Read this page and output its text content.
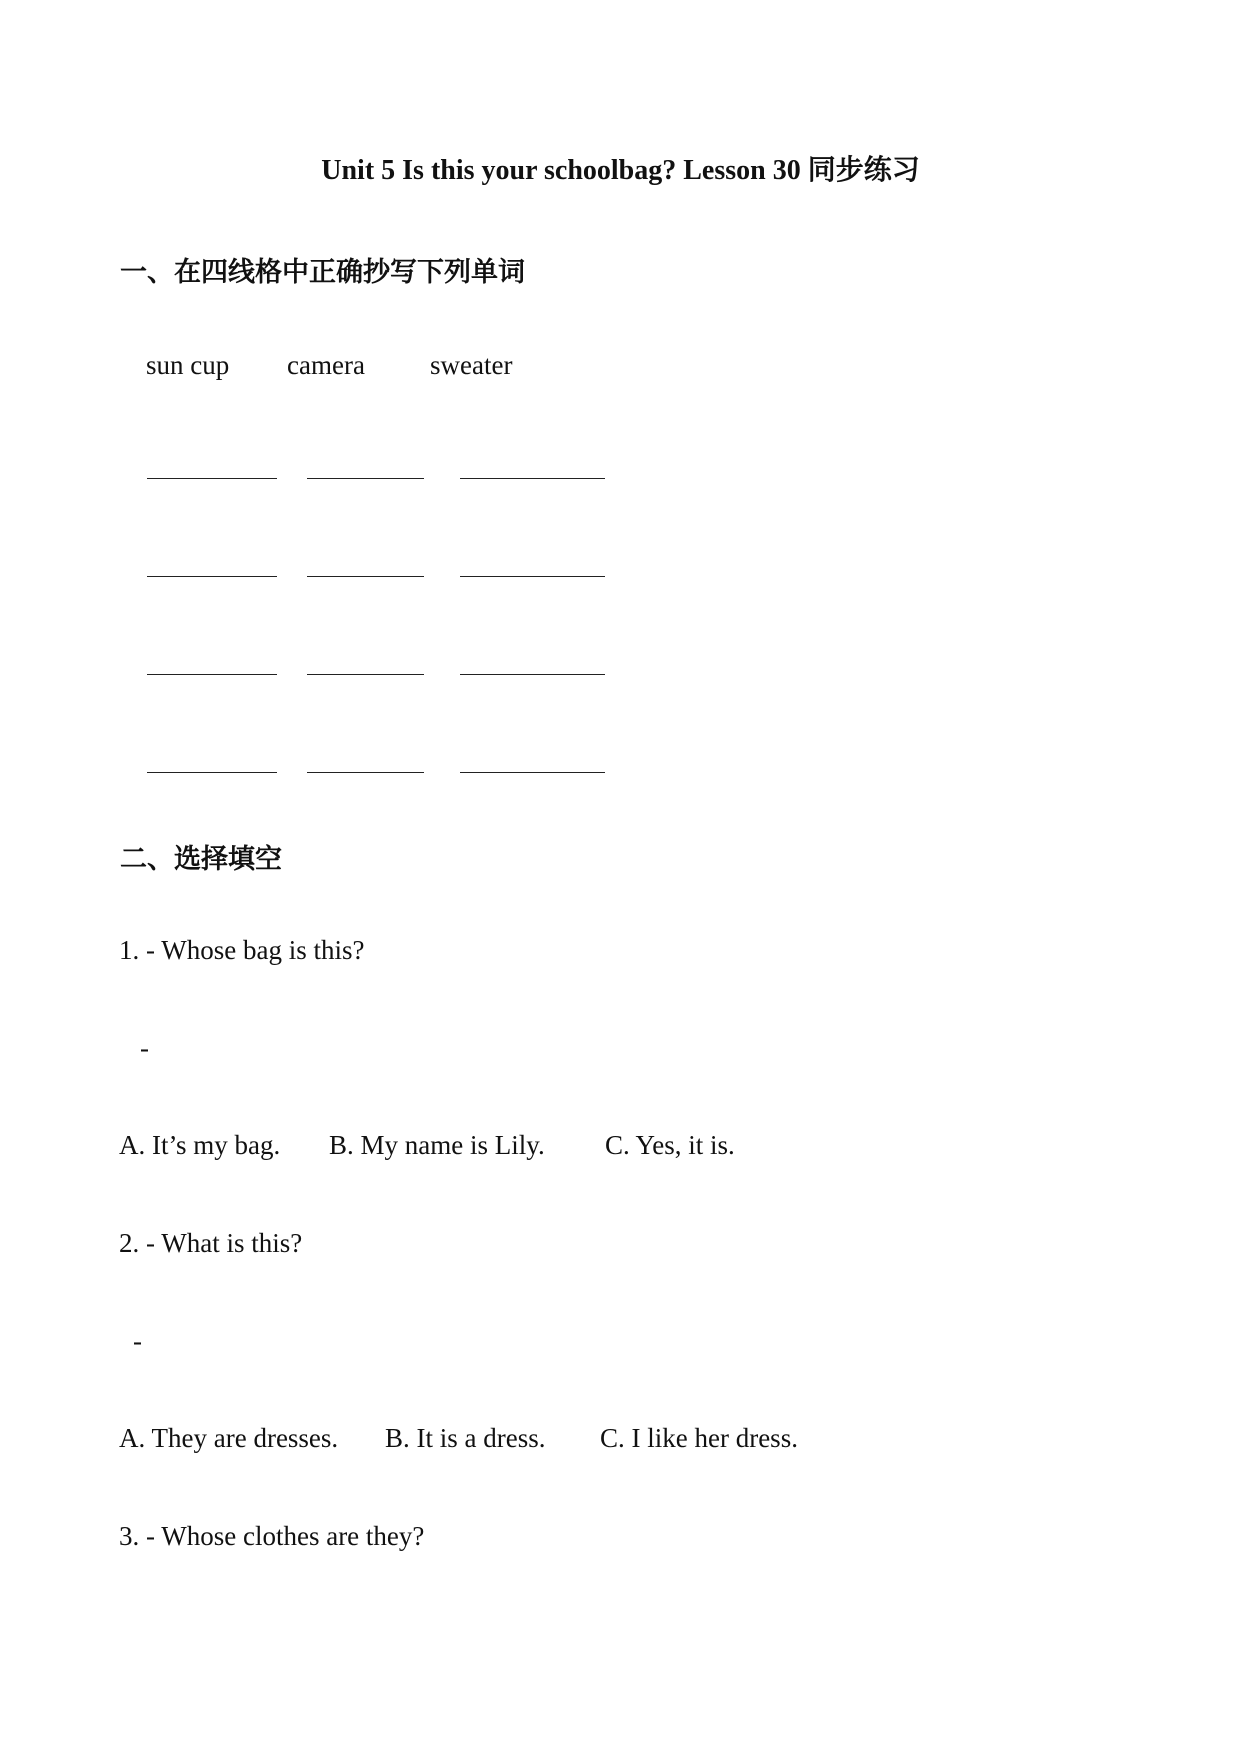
Unit 5 Is this your schoolbag? Lesson 30 同步练习
一、在四线格中正确抄写下列单词
sun cup camera sweater
二、选择填空
1. - Whose bag is this?
-
A. It’s my bag. B. My name is Lily. C. Yes, it is.
2. - What is this?
-
A. They are dresses. B. It is a dress. C. I like her dress.
3. - Whose clothes are they?
